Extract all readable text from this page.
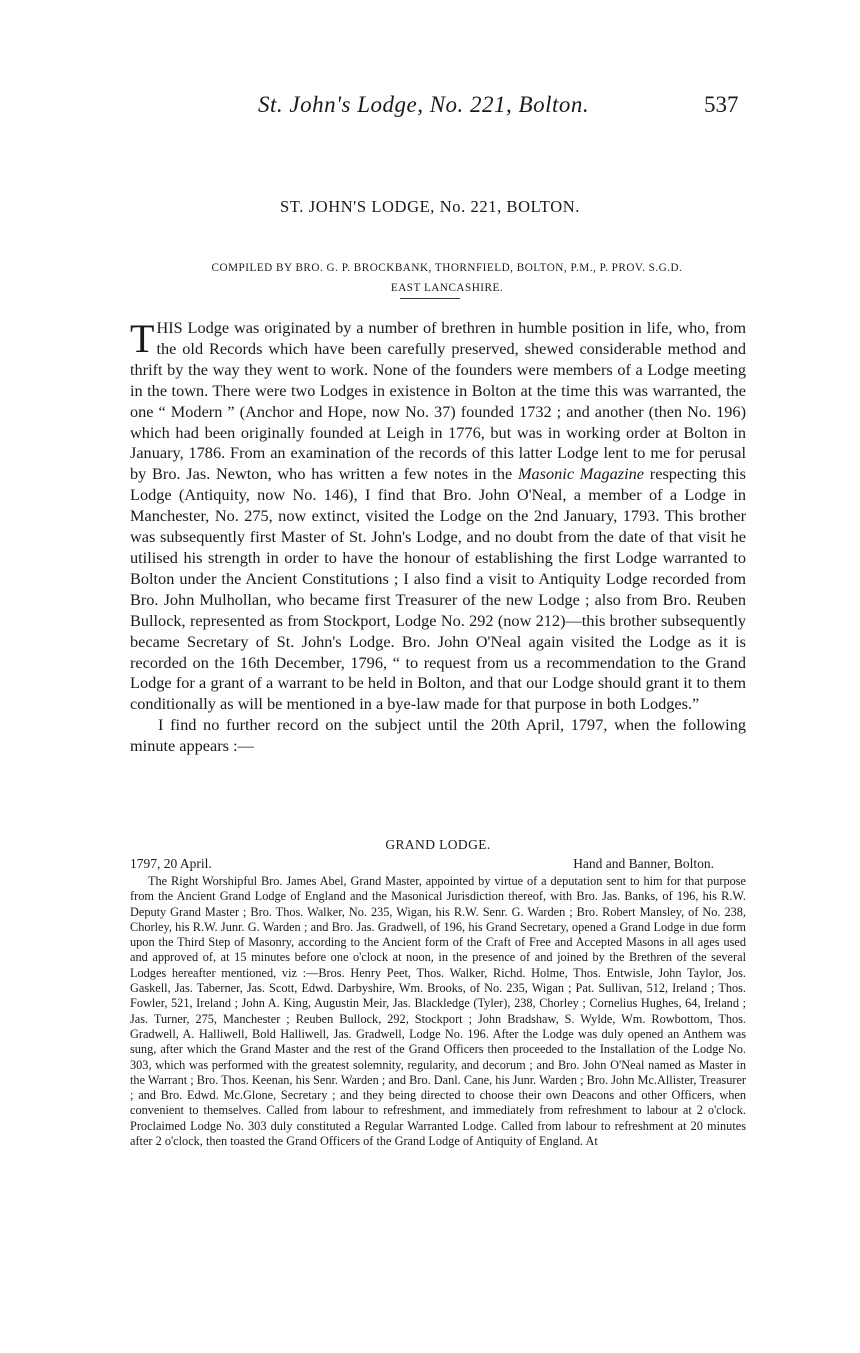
St. John's Lodge, No. 221, Bolton.	537
ST. JOHN'S LODGE, No. 221, BOLTON.
COMPILED BY BRO. G. P. BROCKBANK, THORNFIELD, BOLTON, P.M., P. PROV. S.G.D.
EAST LANCASHIRE.

THIS Lodge was originated by a number of brethren in humble position in life, who, from the old Records which have been carefully preserved, shewed considerable method and thrift by the way they went to work. None of the founders were members of a Lodge meeting in the town. There were two Lodges in existence in Bolton at the time this was warranted, the one “ Modern ” (Anchor and Hope, now No. 37) founded 1732 ; and another (then No. 196) which had been originally founded at Leigh in 1776, but was in working order at Bolton in January, 1786. From an examination of the records of this latter Lodge lent to me for perusal by Bro. Jas. Newton, who has written a few notes in the Masonic Magazine respecting this Lodge (Antiquity, now No. 146), I find that Bro. John O'Neal, a member of a Lodge in Manchester, No. 275, now extinct, visited the Lodge on the 2nd January, 1793. This brother was subsequently first Master of St. John's Lodge, and no doubt from the date of that visit he utilised his strength in order to have the honour of establishing the first Lodge warranted to Bolton under the Ancient Constitutions ; I also find a visit to Antiquity Lodge recorded from Bro. John Mulhollan, who became first Treasurer of the new Lodge ; also from Bro. Reuben Bullock, represented as from Stockport, Lodge No. 292 (now 212)—this brother subsequently became Secretary of St. John's Lodge. Bro. John O'Neal again visited the Lodge as it is recorded on the 16th December, 1796, “ to request from us a recommendation to the Grand Lodge for a grant of a warrant to be held in Bolton, and that our Lodge should grant it to them conditionally as will be mentioned in a bye-law made for that purpose in both Lodges.”

I find no further record on the subject until the 20th April, 1797, when the following minute appears :—

GRAND LODGE.
1797, 20 April.	Hand and Banner, Bolton.

The Right Worshipful Bro. James Abel, Grand Master, appointed by virtue of a deputation sent to him for that purpose from the Ancient Grand Lodge of England and the Masonical Jurisdiction thereof, with Bro. Jas. Banks, of 196, his R.W. Deputy Grand Master ; Bro. Thos. Walker, No. 235, Wigan, his R.W. Senr. G. Warden ; Bro. Robert Mansley, of No. 238, Chorley, his R.W. Junr. G. Warden ; and Bro. Jas. Gradwell, of 196, his Grand Secretary, opened a Grand Lodge in due form upon the Third Step of Masonry, according to the Ancient form of the Craft of Free and Accepted Masons in all ages used and approved of, at 15 minutes before one o'clock at noon, in the presence of and joined by the Brethren of the several Lodges hereafter mentioned, viz :—Bros. Henry Peet, Thos. Walker, Richd. Holme, Thos. Entwisle, John Taylor, Jos. Gaskell, Jas. Taberner, Jas. Scott, Edwd. Darbyshire, Wm. Brooks, of No. 235, Wigan ; Pat. Sullivan, 512, Ireland ; Thos. Fowler, 521, Ireland ; John A. King, Augustin Meir, Jas. Blackledge (Tyler), 238, Chorley ; Cornelius Hughes, 64, Ireland ; Jas. Turner, 275, Manchester ; Reuben Bullock, 292, Stockport ; John Bradshaw, S. Wylde, Wm. Rowbottom, Thos. Gradwell, A. Halliwell, Bold Halliwell, Jas. Gradwell, Lodge No. 196. After the Lodge was duly opened an Anthem was sung, after which the Grand Master and the rest of the Grand Officers then proceeded to the Installation of the Lodge No. 303, which was performed with the greatest solemnity, regularity, and decorum ; and Bro. John O'Neal named as Master in the Warrant ; Bro. Thos. Keenan, his Senr. Warden ; and Bro. Danl. Cane, his Junr. Warden ; Bro. John Mc.Allister, Treasurer ; and Bro. Edwd. Mc.Glone, Secretary ; and they being directed to choose their own Deacons and other Officers, when convenient to themselves. Called from labour to refreshment, and immediately from refreshment to labour at 2 o'clock. Proclaimed Lodge No. 303 duly constituted a Regular Warranted Lodge. Called from labour to refreshment at 20 minutes after 2 o'clock, then toasted the Grand Officers of the Grand Lodge of Antiquity of England. At
